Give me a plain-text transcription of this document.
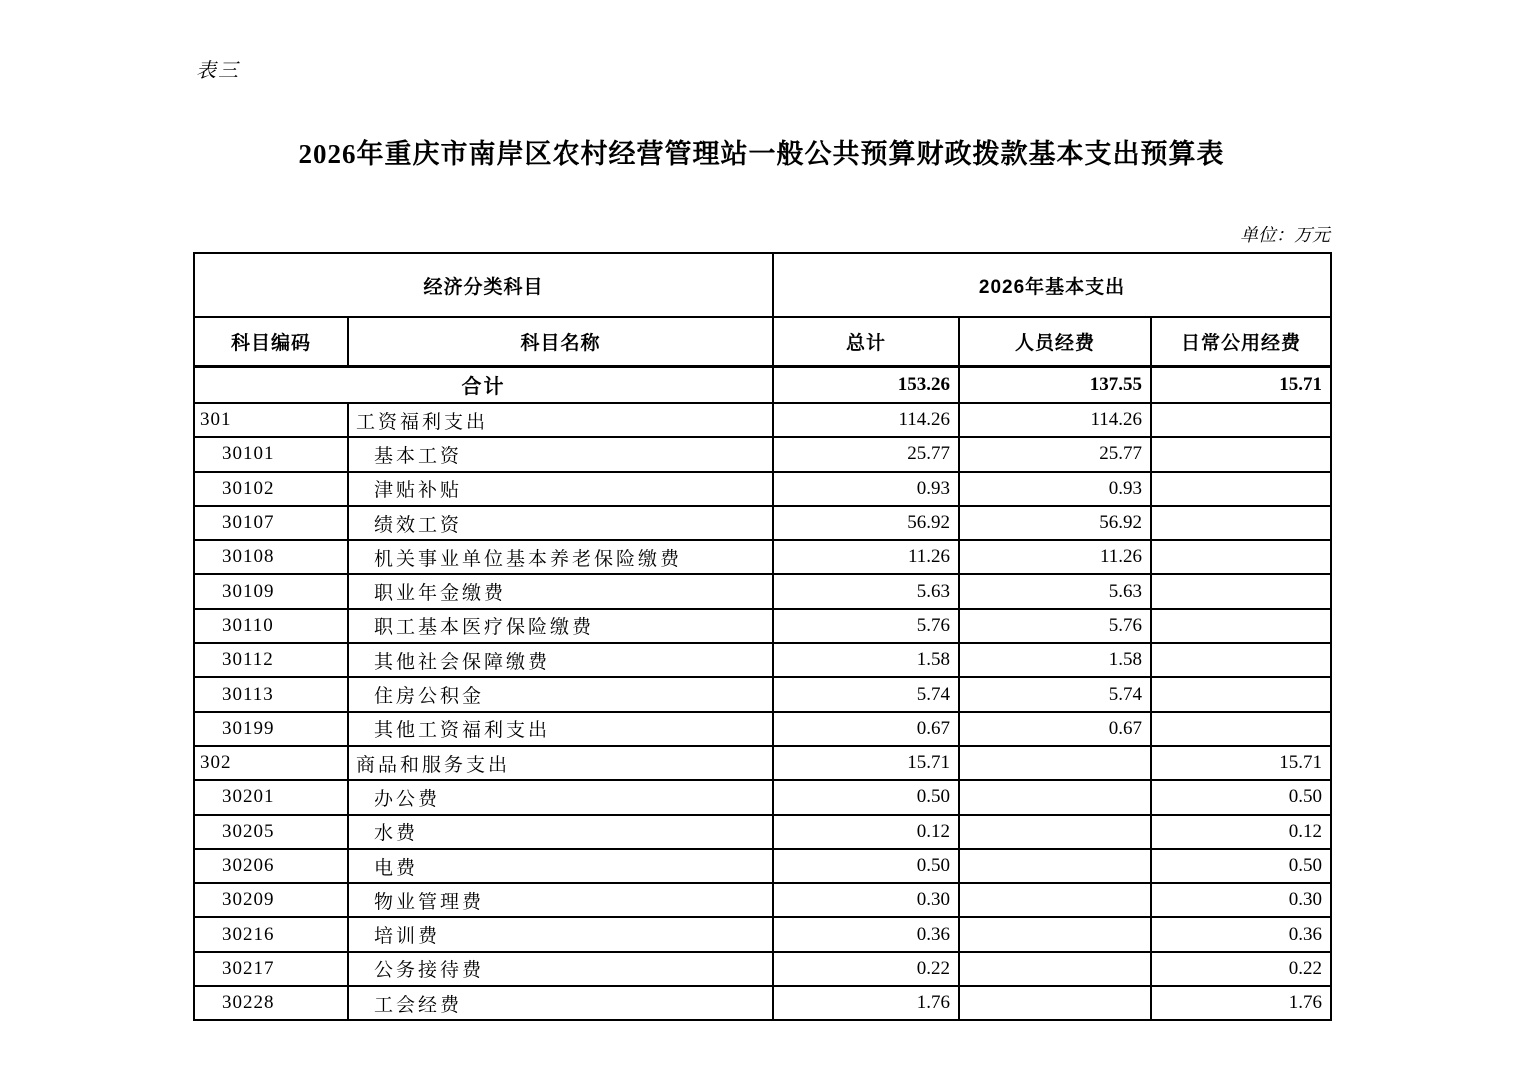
表三
2026年重庆市南岸区农村经营管理站一般公共预算财政拨款基本支出预算表
单位：万元
经济分类科目		2026年基本支出		
科目编码	科目名称	总计	人员经费	日常公用经费
合计		153.26	137.55	15.71
301	工资福利支出	114.26	114.26	
30101	基本工资	25.77	25.77	
30102	津贴补贴	0.93	0.93	
30107	绩效工资	56.92	56.92	
30108	机关事业单位基本养老保险缴费	11.26	11.26	
30109	职业年金缴费	5.63	5.63	
30110	职工基本医疗保险缴费	5.76	5.76	
30112	其他社会保障缴费	1.58	1.58	
30113	住房公积金	5.74	5.74	
30199	其他工资福利支出	0.67	0.67	
302	商品和服务支出	15.71		15.71
30201	办公费	0.50		0.50
30205	水费	0.12		0.12
30206	电费	0.50		0.50
30209	物业管理费	0.30		0.30
30216	培训费	0.36		0.36
30217	公务接待费	0.22		0.22
30228	工会经费	1.76		1.76
